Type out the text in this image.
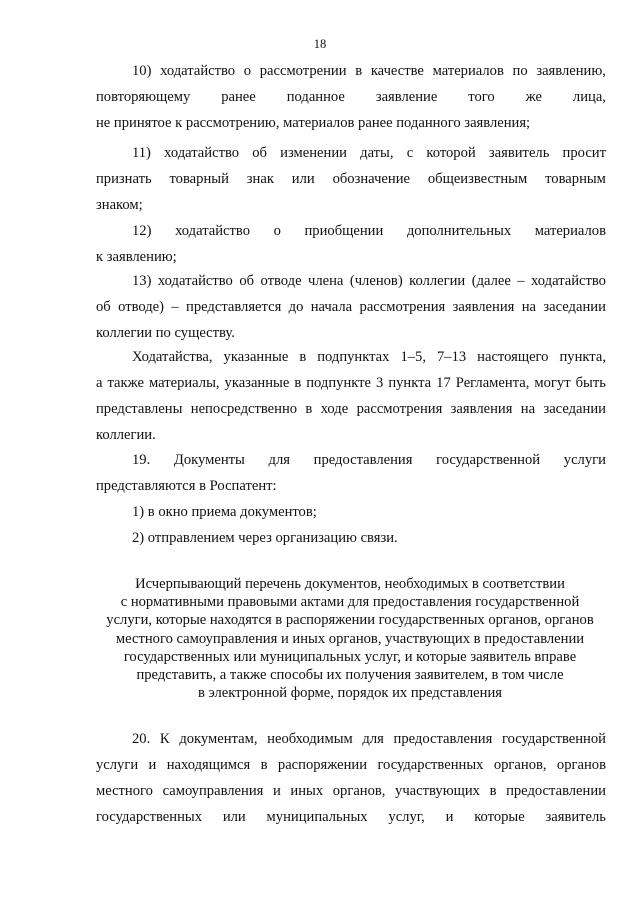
18
10) ходатайство о рассмотрении в качестве материалов по заявлению,
повторяющему ранее поданное заявление того же лица,
не принятое к рассмотрению, материалов ранее поданного заявления;
11) ходатайство об изменении даты, с которой заявитель просит
признать товарный знак или обозначение общеизвестным товарным
знаком;
12) ходатайство о приобщении дополнительных материалов
к заявлению;
13) ходатайство об отводе члена (членов) коллегии (далее – ходатайство
об отводе) – представляется до начала рассмотрения заявления на заседании
коллегии по существу.
Ходатайства, указанные в подпунктах 1–5, 7–13 настоящего пункта,
а также материалы, указанные в подпункте 3 пункта 17 Регламента, могут быть
представлены непосредственно в ходе рассмотрения заявления на заседании
коллегии.
19. Документы для предоставления государственной услуги
представляются в Роспатент:
1) в окно приема документов;
2) отправлением через организацию связи.
Исчерпывающий перечень документов, необходимых в соответствии
с нормативными правовыми актами для предоставления государственной
услуги, которые находятся в распоряжении государственных органов, органов
местного самоуправления и иных органов, участвующих в предоставлении
государственных или муниципальных услуг, и которые заявитель вправе
представить, а также способы их получения заявителем, в том числе
в электронной форме, порядок их представления
20. К документам, необходимым для предоставления государственной
услуги и находящимся в распоряжении государственных органов, органов
местного самоуправления и иных органов, участвующих в предоставлении
государственных или муниципальных услуг, и которые заявитель
